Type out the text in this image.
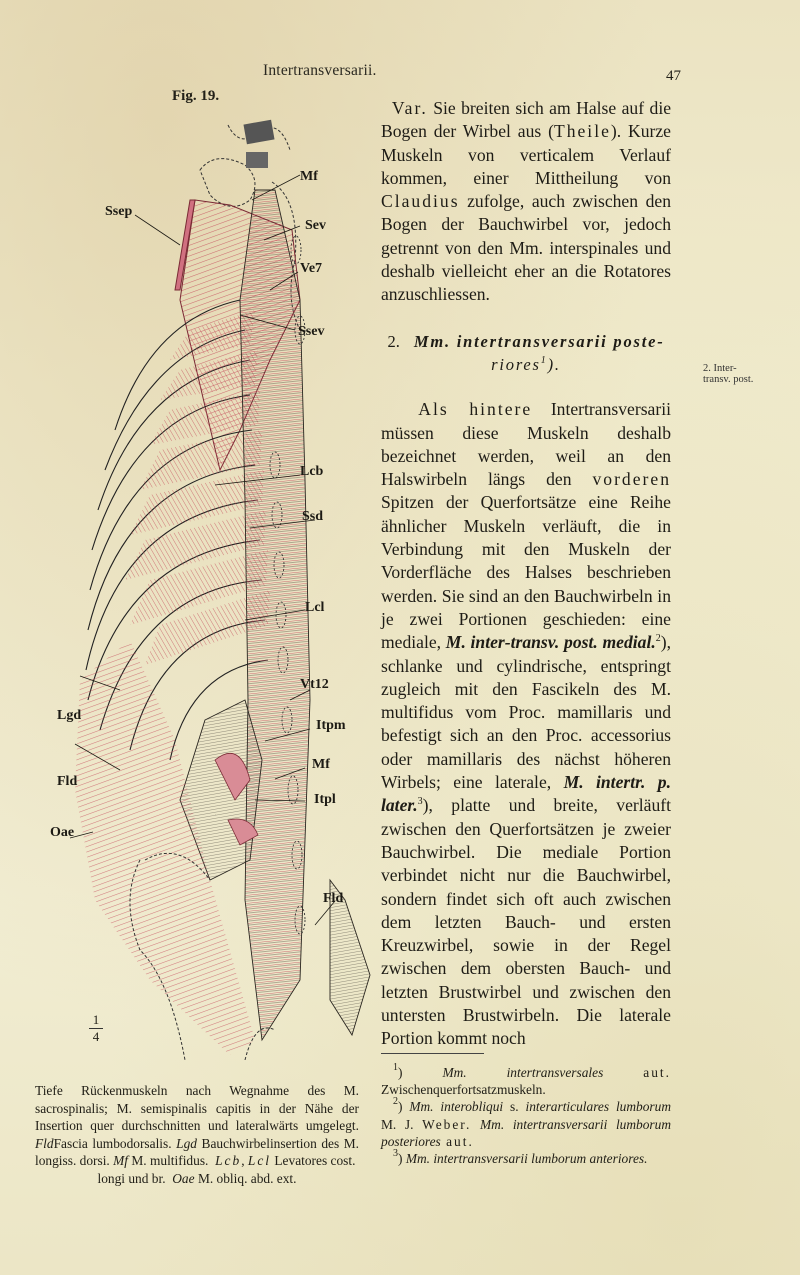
Intertransversarii.	47
Fig. 19.
Ssep
Mf
Sev
Ve7
Ssev
Lcb
Ssd
Lcl
Vt12
Itpm
Mf
Itpl
Fld
Lgd
Fld
Oae
1
4

Tiefe Rückenmuskeln nach Wegnahme des M. sacrospinalis; M. semispinalis capitis in der Nähe der Insertion quer durchschnitten und lateralwärts umgelegt. FldFascia lumbodorsalis. Lgd Bauchwirbelinsertion des M. longiss. dorsi. Mf M. multifidus. Lcb, Lcl Levatores cost.

longi und br. Oae M. obliq. abd. ext.

Var. Sie breiten sich am Halse auf die Bogen der Wirbel aus (Theile). Kurze Muskeln von verticalem Verlauf kommen, einer Mittheilung von Claudius zufolge, auch zwischen den Bogen der Bauchwirbel vor, jedoch getrennt von den Mm. interspinales und deshalb vielleicht eher an die Rotatores anzuschliessen.

2. Mm. intertransversarii poste-

riores$^1$).

Als hintere Intertransversarii müssen diese Muskeln deshalb bezeichnet werden, weil an den Halswirbeln längs den vorderen Spitzen der Querfortsätze eine Reihe ähnlicher Muskeln verläuft, die in Verbindung mit den Muskeln der Vorderfläche des Halses beschrieben werden. Sie sind an den Bauchwirbeln in je zwei Portionen geschieden: eine mediale, M. inter-transv. post. medial.$^2$), schlanke und cylindrische, entspringt zugleich mit den Fascikeln des M. multifidus vom Proc. mamillaris und befestigt sich an den Proc. accessorius oder mamillaris des nächst höheren Wirbels; eine laterale, M. intertr. p. later.$^3$), platte und breite, verläuft zwischen den Querfortsätzen je zweier Bauchwirbel. Die mediale Portion verbindet nicht nur die Bauchwirbel, sondern findet sich oft auch zwischen dem letzten Bauch- und ersten Kreuzwirbel, sowie in der Regel zwischen dem obersten Bauch- und letzten Brustwirbel und zwischen den untersten Brustwirbeln. Die laterale Portion kommt noch

2. Inter-
transv. post.

$^1$) Mm. intertransversales	aut. Zwischenquerfortsatzmuskeln.

$^2$) Mm. interobliqui s. interarticulares lumborum M. J. Weber. Mm. intertransversarii lumborum posteriores aut.

$^3$) Mm. intertransversarii lumborum anteriores.
